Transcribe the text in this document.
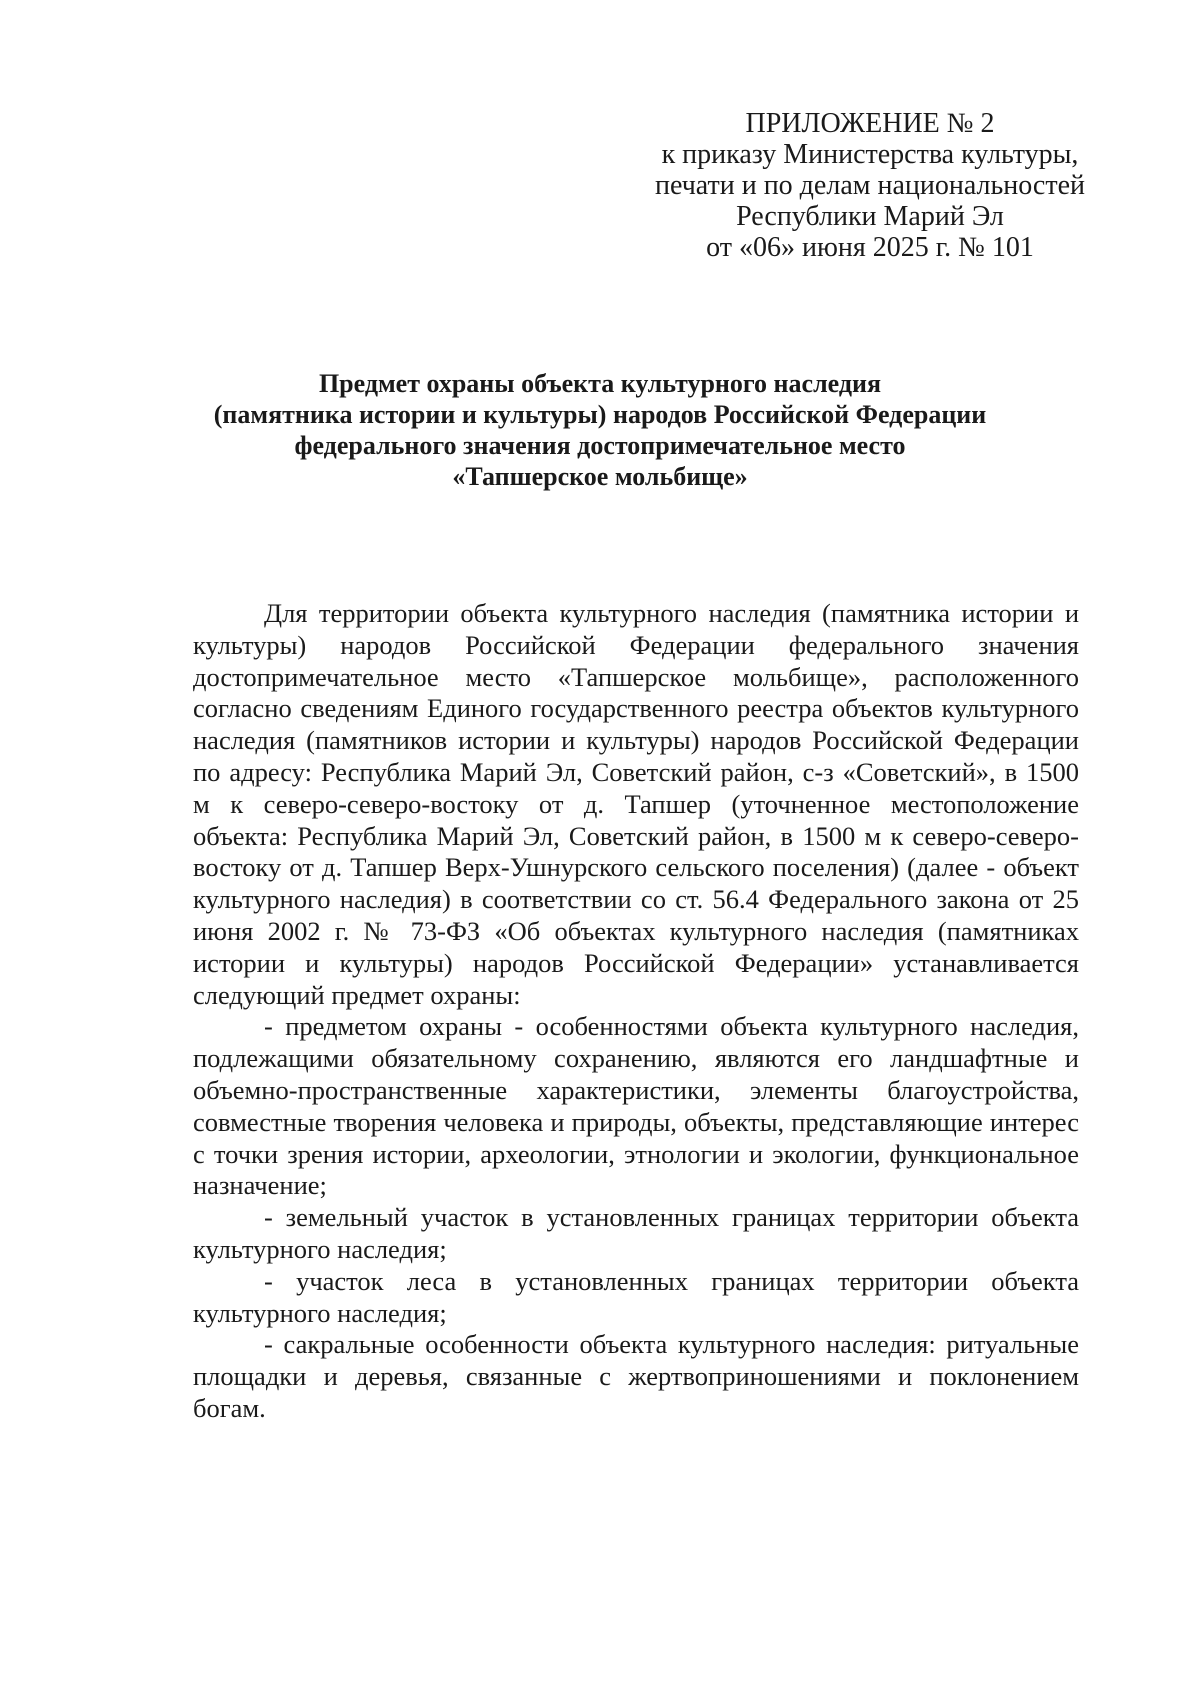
ПРИЛОЖЕНИЕ № 2
к приказу Министерства культуры,
печати и по делам национальностей
Республики Марий Эл
от «06» июня 2025 г. № 101
Предмет охраны объекта культурного наследия
(памятника истории и культуры) народов Российской Федерации
федерального значения достопримечательное место
«Тапшерское мольбище»

Для территории объекта культурного наследия (памятника истории и культуры) народов Российской Федерации федерального значения достопримечательное место «Тапшерское мольбище», расположенного согласно сведениям Единого государственного реестра объектов культурного наследия (памятников истории и культуры) народов Российской Федерации по адресу: Республика Марий Эл, Советский район, с-з «Советский», в 1500 м к северо-северо-востоку от д. Тапшер (уточненное местоположение объекта: Республика Марий Эл, Советский район, в 1500 м к северо-северо-востоку от д. Тапшер Верх-Ушнурского сельского поселения) (далее - объект культурного наследия) в соответствии со ст. 56.4 Федерального закона от 25 июня 2002 г. № 73-ФЗ «Об объектах культурного наследия (памятниках истории и культуры) народов Российской Федерации» устанавливается следующий предмет охраны:

- предметом охраны - особенностями объекта культурного наследия, подлежащими обязательному сохранению, являются его ландшафтные и объемно-пространственные характеристики, элементы благоустройства, совместные творения человека и природы, объекты, представляющие интерес с точки зрения истории, археологии, этнологии и экологии, функциональное назначение;

- земельный участок в установленных границах территории объекта культурного наследия;

- участок леса в установленных границах территории объекта культурного наследия;

- сакральные особенности объекта культурного наследия: ритуальные площадки и деревья, связанные с жертвоприношениями и поклонением богам.
